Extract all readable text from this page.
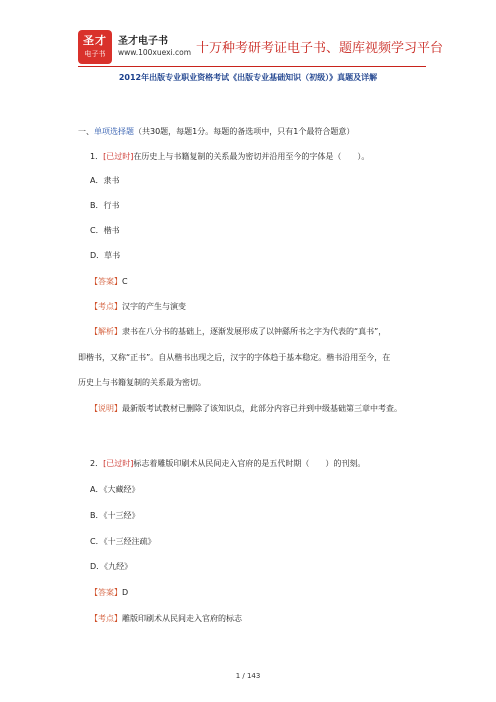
圣才
电子书
圣才电子书
www.100xuexi.com 十万种考研考证电子书、题库视频学习平台
2012年出版专业职业资格考试《出版专业基础知识（初级）》真题及详解
一、单项选择题（共30题，每题1分。每题的备选项中，只有1个最符合题意）
1．[已过时]在历史上与书籍复制的关系最为密切并沿用至今的字体是（　　）。
A．隶书
B．行书
C．楷书
D．草书
【答案】C
【考点】汉字的产生与演变
【解析】隶书在八分书的基础上，逐渐发展形成了以钟繇所书之字为代表的“真书”，
即楷书，又称“正书”。自从楷书出现之后，汉字的字体趋于基本稳定。楷书沿用至今，在
历史上与书籍复制的关系最为密切。
【说明】最新版考试教材已删除了该知识点，此部分内容已并到中级基础第三章中考查。
2．[已过时]标志着雕版印刷术从民间走入官府的是五代时期（　　）的刊刻。
A．《大藏经》
B．《十三经》
C．《十三经注疏》
D．《九经》
【答案】D
【考点】雕版印刷术从民间走入官府的标志
1 / 143
